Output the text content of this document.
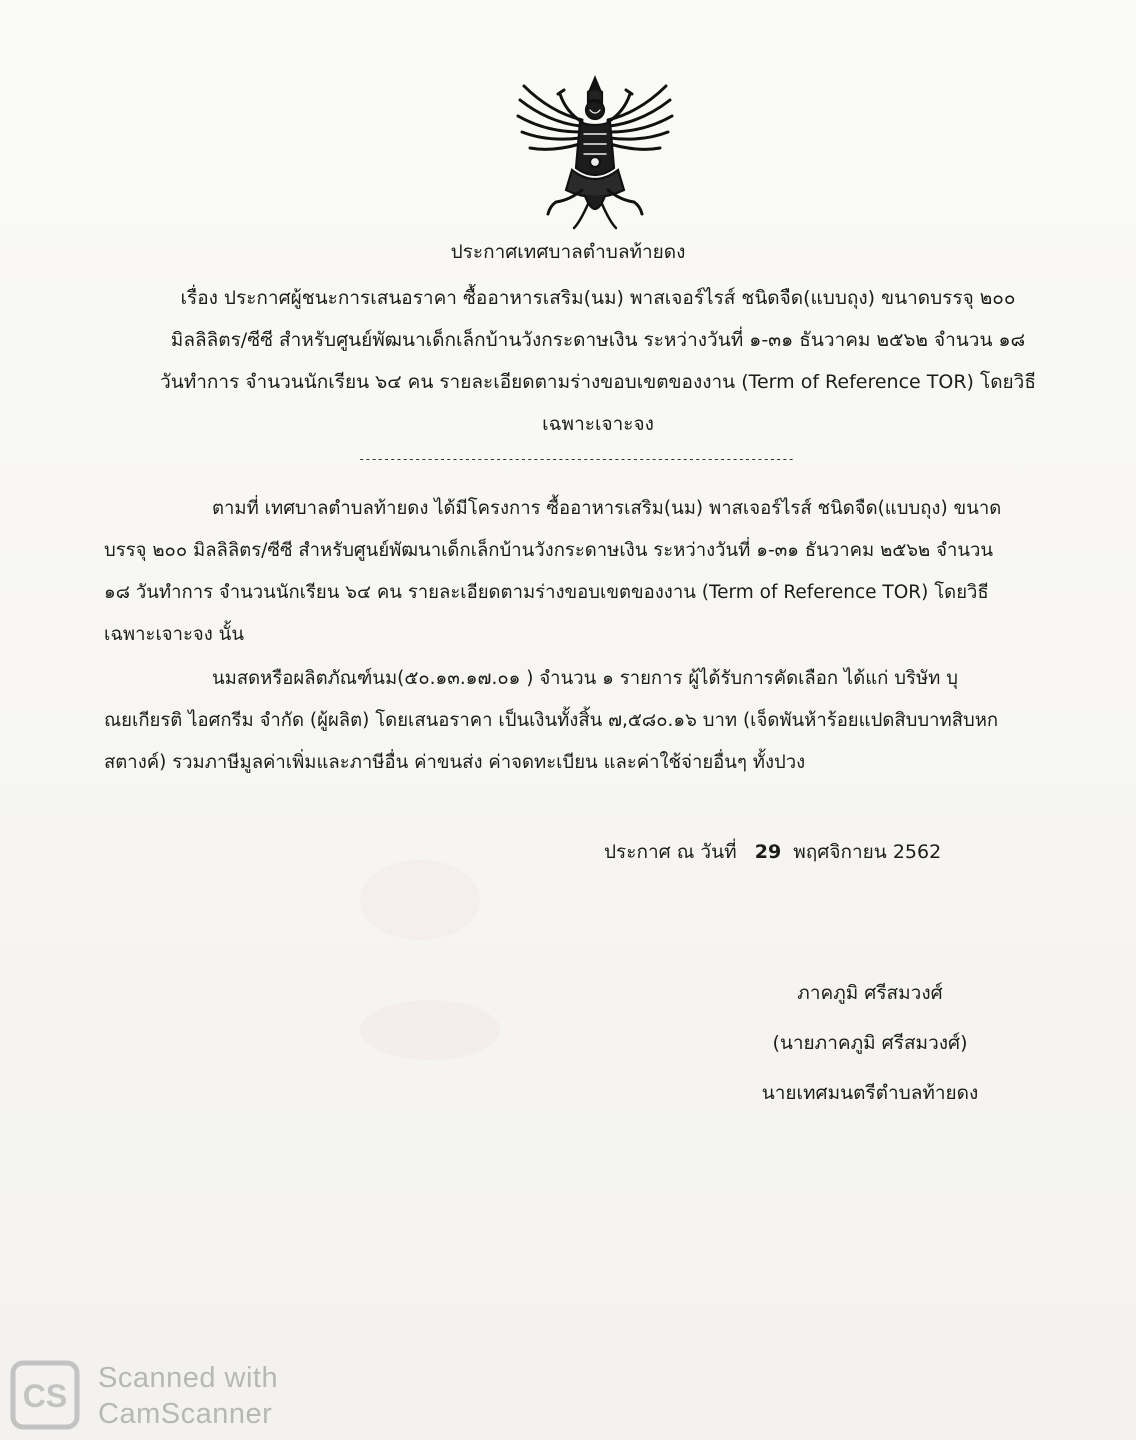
ประกาศเทศบาลตำบลท้ายดง
เรื่อง ประกาศผู้ชนะการเสนอราคา ซื้ออาหารเสริม(นม) พาสเจอร์ไรส์ ชนิดจืด(แบบถุง) ขนาดบรรจุ ๒๐๐
มิลลิลิตร/ซีซี สำหรับศูนย์พัฒนาเด็กเล็กบ้านวังกระดาษเงิน ระหว่างวันที่ ๑-๓๑ ธันวาคม ๒๕๖๒ จำนวน ๑๘
วันทำการ จำนวนนักเรียน ๖๔ คน รายละเอียดตามร่างขอบเขตของงาน (Term of Reference TOR) โดยวิธี
เฉพาะเจาะจง
----------------------------------------------------------------------
ตามที่ เทศบาลตำบลท้ายดง ได้มีโครงการ ซื้ออาหารเสริม(นม) พาสเจอร์ไรส์ ชนิดจืด(แบบถุง) ขนาด
บรรจุ ๒๐๐ มิลลิลิตร/ซีซี สำหรับศูนย์พัฒนาเด็กเล็กบ้านวังกระดาษเงิน ระหว่างวันที่ ๑-๓๑ ธันวาคม ๒๕๖๒ จำนวน
๑๘ วันทำการ จำนวนนักเรียน ๖๔ คน รายละเอียดตามร่างขอบเขตของงาน (Term of Reference TOR) โดยวิธี
เฉพาะเจาะจง นั้น
นมสดหรือผลิตภัณฑ์นม(๕๐.๑๓.๑๗.๐๑ ) จำนวน ๑ รายการ ผู้ได้รับการคัดเลือก ได้แก่ บริษัท บุ
ณยเกียรติ ไอศกรีม จำกัด (ผู้ผลิต) โดยเสนอราคา เป็นเงินทั้งสิ้น ๗,๕๘๐.๑๖ บาท (เจ็ดพันห้าร้อยแปดสิบบาทสิบหก
สตางค์) รวมภาษีมูลค่าเพิ่มและภาษีอื่น ค่าขนส่ง ค่าจดทะเบียน และค่าใช้จ่ายอื่นๆ ทั้งปวง
ประกาศ ณ วันที่ 29 พฤศจิกายน 2562
ภาคภูมิ ศรีสมวงศ์
(นายภาคภูมิ ศรีสมวงศ์)
นายเทศมนตรีตำบลท้ายดง
CS Scanned with
CamScanner
